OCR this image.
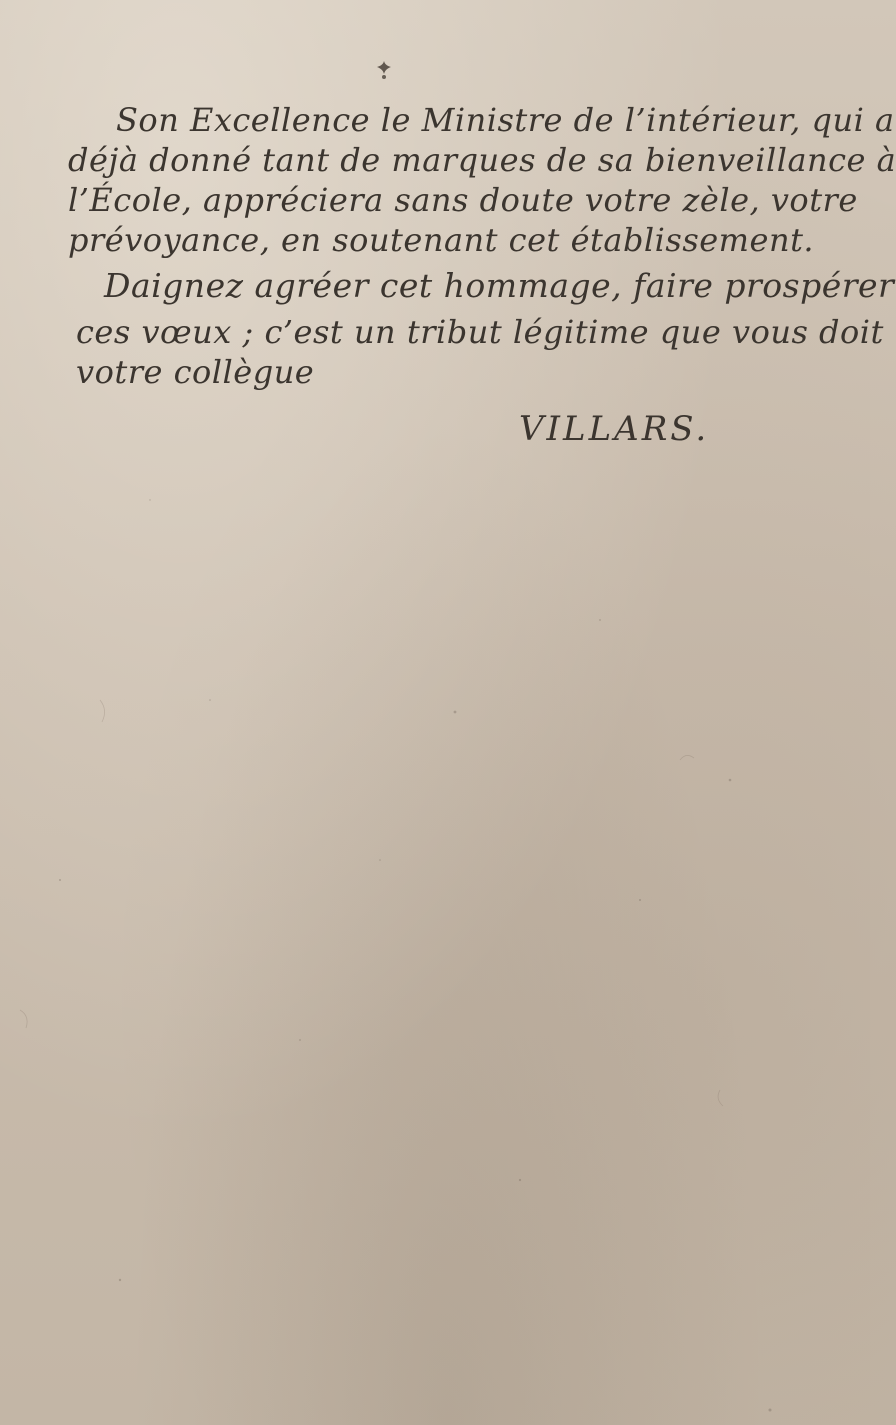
Son Excellence le Ministre de l’intérieur, qui a
déjà donné tant de marques de sa bienveillance à
l’École, appréciera sans doute votre zèle, votre
prévoyance, en soutenant cet établissement.
Daignez agréer cet hommage, faire prospérer
ces vœux ; c’est un tribut légitime que vous doit
votre collègue
VILLARS.
